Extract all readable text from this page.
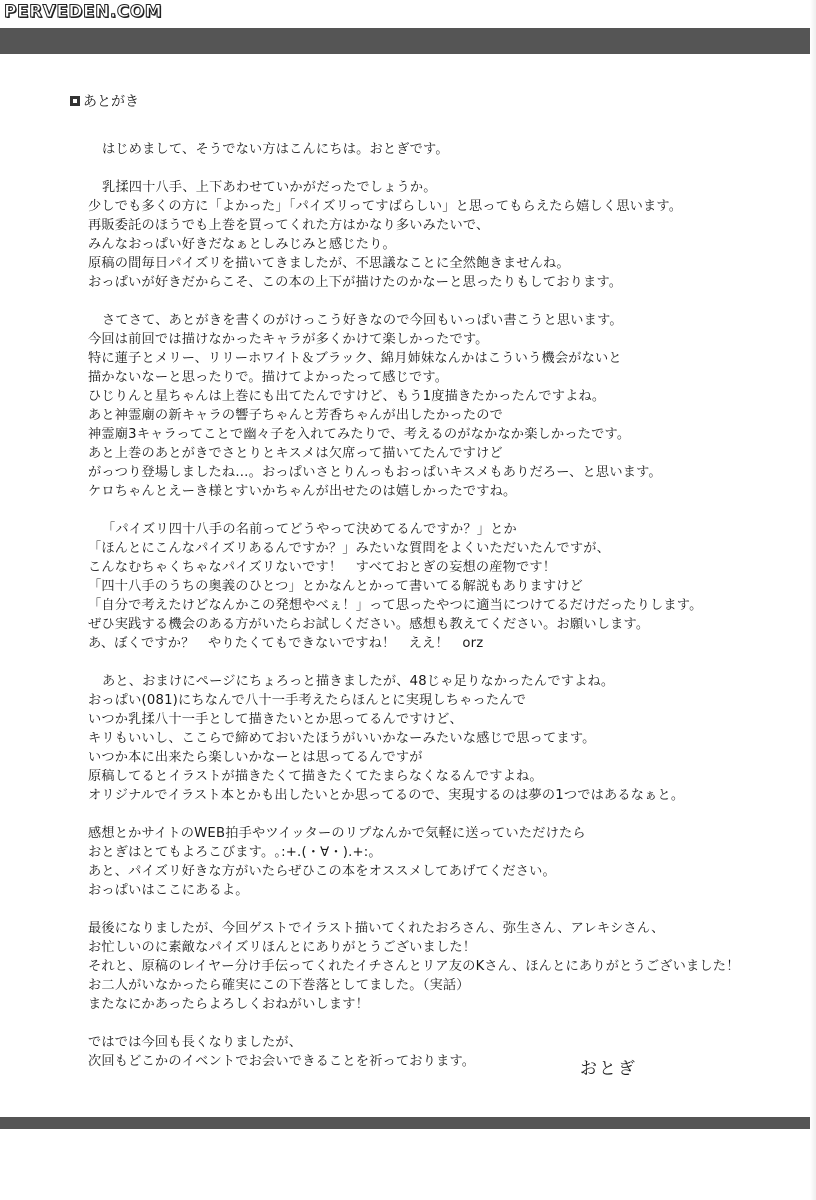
PERVEDEN.COM
あとがき
はじめまして、そうでない方はこんにちは。おとぎです。
乳揉四十八手、上下あわせていかがだったでしょうか。
少しでも多くの方に「よかった」「パイズリってすばらしい」と思ってもらえたら嬉しく思います。
再販委託のほうでも上巻を買ってくれた方はかなり多いみたいで、
みんなおっぱい好きだなぁとしみじみと感じたり。
原稿の間毎日パイズリを描いてきましたが、不思議なことに全然飽きませんね。
おっぱいが好きだからこそ、この本の上下が描けたのかなーと思ったりもしております。
さてさて、あとがきを書くのがけっこう好きなので今回もいっぱい書こうと思います。
今回は前回では描けなかったキャラが多くかけて楽しかったです。
特に蓮子とメリー、リリーホワイト＆ブラック、綿月姉妹なんかはこういう機会がないと
描かないなーと思ったりで。描けてよかったって感じです。
ひじりんと星ちゃんは上巻にも出てたんですけど、もう1度描きたかったんですよね。
あと神霊廟の新キャラの響子ちゃんと芳香ちゃんが出したかったので
神霊廟3キャラってことで幽々子を入れてみたりで、考えるのがなかなか楽しかったです。
あと上巻のあとがきでさとりとキスメは欠席って描いてたんですけど
がっつり登場しましたね…。おっぱいさとりんっもおっぱいキスメもありだろー、と思います。
ケロちゃんとえーき様とすいかちゃんが出せたのは嬉しかったですね。
「パイズリ四十八手の名前ってどうやって決めてるんですか？」とか
「ほんとにこんなパイズリあるんですか？」みたいな質問をよくいただいたんですが、
こんなむちゃくちゃなパイズリないです！　すべておとぎの妄想の産物です！
「四十八手のうちの奥義のひとつ」とかなんとかって書いてる解説もありますけど
「自分で考えたけどなんかこの発想やべぇ！」って思ったやつに適当につけてるだけだったりします。
ぜひ実践する機会のある方がいたらお試しください。感想も教えてください。お願いします。
あ、ぼくですか？　やりたくてもできないですね！　ええ！　orz
あと、おまけにページにちょろっと描きましたが、48じゃ足りなかったんですよね。
おっぱい(081)にちなんで八十一手考えたらほんとに実現しちゃったんで
いつか乳揉八十一手として描きたいとか思ってるんですけど、
キリもいいし、ここらで締めておいたほうがいいかなーみたいな感じで思ってます。
いつか本に出来たら楽しいかなーとは思ってるんですが
原稿してるとイラストが描きたくて描きたくてたまらなくなるんですよね。
オリジナルでイラスト本とかも出したいとか思ってるので、実現するのは夢の1つではあるなぁと。
感想とかサイトのWEB拍手やツイッターのリプなんかで気軽に送っていただけたら
おとぎはとてもよろこびます。｡:+.(・∀・).+:｡
あと、パイズリ好きな方がいたらぜひこの本をオススメしてあげてください。
おっぱいはここにあるよ。
最後になりましたが、今回ゲストでイラスト描いてくれたおろさん、弥生さん、アレキシさん、
お忙しいのに素敵なパイズリほんとにありがとうございました！
それと、原稿のレイヤー分け手伝ってくれたイチさんとリア友のKさん、ほんとにありがとうございました！
お二人がいなかったら確実にこの下巻落としてました。（実話）
またなにかあったらよろしくおねがいします！
ではでは今回も長くなりましたが、
次回もどこかのイベントでお会いできることを祈っております。	おとぎ
